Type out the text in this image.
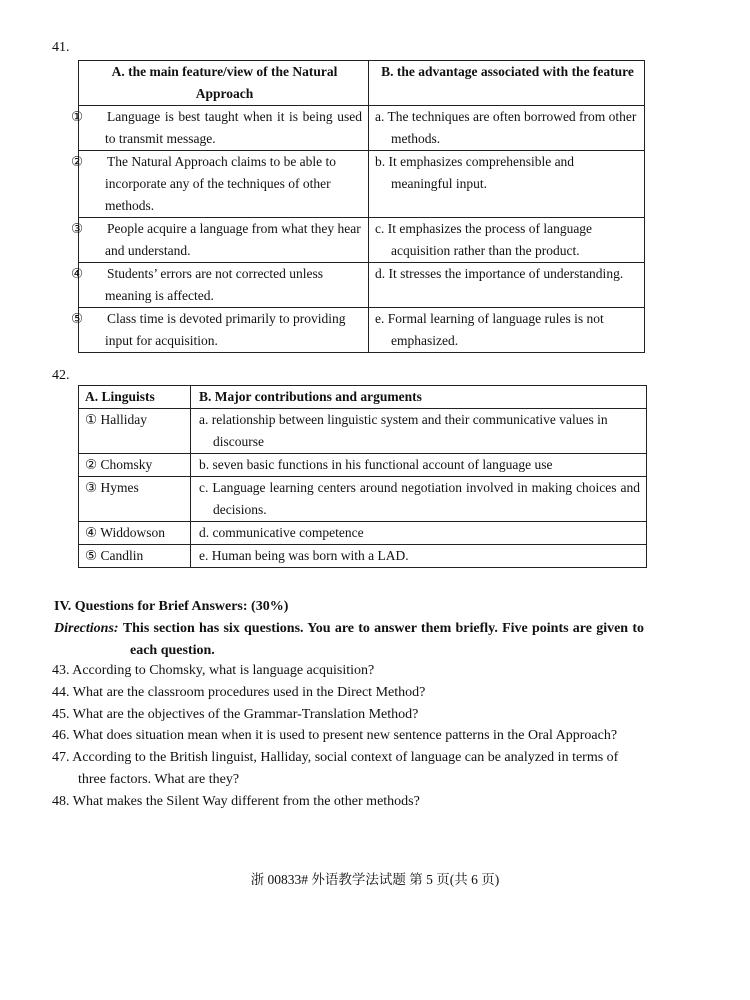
41.
A. the main feature/view of the Natural Approach	B. the advantage associated with the feature

① Language is best taught when it is being used to transmit message.	a. The techniques are often borrowed from other methods.
② The Natural Approach claims to be able to incorporate any of the techniques of other methods.	b. It emphasizes comprehensible and meaningful input.
③ People acquire a language from what they hear and understand.	c. It emphasizes the process of language acquisition rather than the product.
④ Students’ errors are not corrected unless meaning is affected.	d. It stresses the importance of understanding.
⑤ Class time is devoted primarily to providing input for acquisition.	e. Formal learning of language rules is not emphasized.
42.
A. Linguists	B. Major contributions and arguments
① Halliday	a. relationship between linguistic system and their communicative values in discourse
② Chomsky	b. seven basic functions in his functional account of language use
③ Hymes	c. Language learning centers around negotiation involved in making choices and decisions.
④ Widdowson	d. communicative competence
⑤ Candlin	e. Human being was born with a LAD.
IV. Questions for Brief Answers: (30%)
Directions: This section has six questions. You are to answer them briefly. Five points are given to each question.
43. According to Chomsky, what is language acquisition?
44. What are the classroom procedures used in the Direct Method?
45. What are the objectives of the Grammar-Translation Method?
46. What does situation mean when it is used to present new sentence patterns in the Oral Approach?
47. According to the British linguist, Halliday, social context of language can be analyzed in terms of three factors. What are they?
48. What makes the Silent Way different from the other methods?
浙 00833# 外语教学法试题 第 5 页(共 6 页)
